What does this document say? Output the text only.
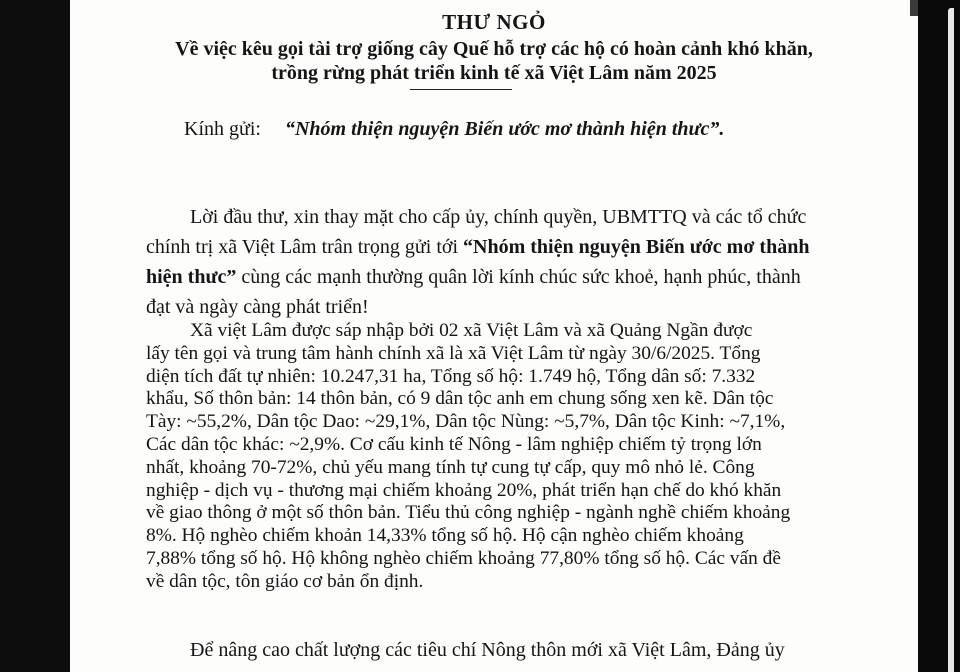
THƯ NGỎ
Về việc kêu gọi tài trợ giống cây Quế hỗ trợ các hộ có hoàn cảnh khó khăn,
trồng rừng phát triển kinh tế xã Việt Lâm năm 2025
Kính gửi: “Nhóm thiện nguyện Biến ước mơ thành hiện thưc”.
Lời đầu thư, xin thay mặt cho cấp ủy, chính quyền, UBMTTQ và các tổ chức
chính trị xã Việt Lâm trân trọng gửi tới “Nhóm thiện nguyện Biến ước mơ thành
hiện thưc” cùng các mạnh thường quân lời kính chúc sức khoẻ, hạnh phúc, thành
đạt và ngày càng phát triển!
Xã việt Lâm được sáp nhập bởi 02 xã Việt Lâm và xã Quảng Ngần được
lấy tên gọi và trung tâm hành chính xã là xã Việt Lâm từ ngày 30/6/2025. Tổng
diện tích đất tự nhiên: 10.247,31 ha, Tổng số hộ: 1.749 hộ, Tổng dân số: 7.332
khẩu, Số thôn bản: 14 thôn bản, có 9 dân tộc anh em chung sống xen kẽ. Dân tộc
Tày: ~55,2%, Dân tộc Dao: ~29,1%, Dân tộc Nùng: ~5,7%, Dân tộc Kinh: ~7,1%,
Các dân tộc khác: ~2,9%. Cơ cấu kinh tế Nông - lâm nghiệp chiếm tỷ trọng lớn
nhất, khoảng 70-72%, chủ yếu mang tính tự cung tự cấp, quy mô nhỏ lẻ. Công
nghiệp - dịch vụ - thương mại chiếm khoảng 20%, phát triển hạn chế do khó khăn
về giao thông ở một số thôn bản. Tiểu thủ công nghiệp - ngành nghề chiếm khoảng
8%. Hộ nghèo chiếm khoản 14,33% tổng số hộ. Hộ cận nghèo chiếm khoảng
7,88% tổng số hộ. Hộ không nghèo chiếm khoảng 77,80% tổng số hộ. Các vấn đề
về dân tộc, tôn giáo cơ bản ổn định.
Để nâng cao chất lượng các tiêu chí Nông thôn mới xã Việt Lâm, Đảng ủy
